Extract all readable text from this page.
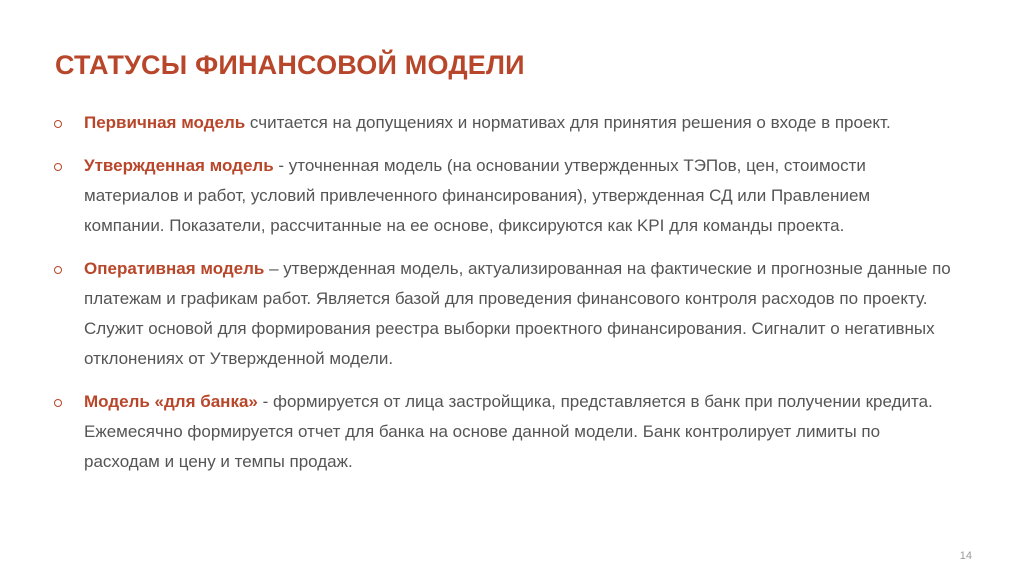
СТАТУСЫ ФИНАНСОВОЙ МОДЕЛИ
Первичная модель считается на допущениях и нормативах для принятия решения о входе в проект.
Утвержденная модель - уточненная модель (на основании утвержденных ТЭПов, цен, стоимости материалов и работ, условий привлеченного финансирования), утвержденная СД или Правлением компании. Показатели, рассчитанные на ее основе, фиксируются как KPI для команды проекта.
Оперативная модель – утвержденная модель, актуализированная на фактические и прогнозные данные по платежам и графикам работ. Является базой для проведения финансового контроля расходов по проекту. Служит основой для формирования реестра выборки проектного финансирования. Сигналит о негативных отклонениях от Утвержденной модели.
Модель «для банка» - формируется от лица застройщика, представляется в банк при получении кредита. Ежемесячно формируется отчет для банка на основе данной модели. Банк контролирует лимиты по расходам и цену и темпы продаж.
14
